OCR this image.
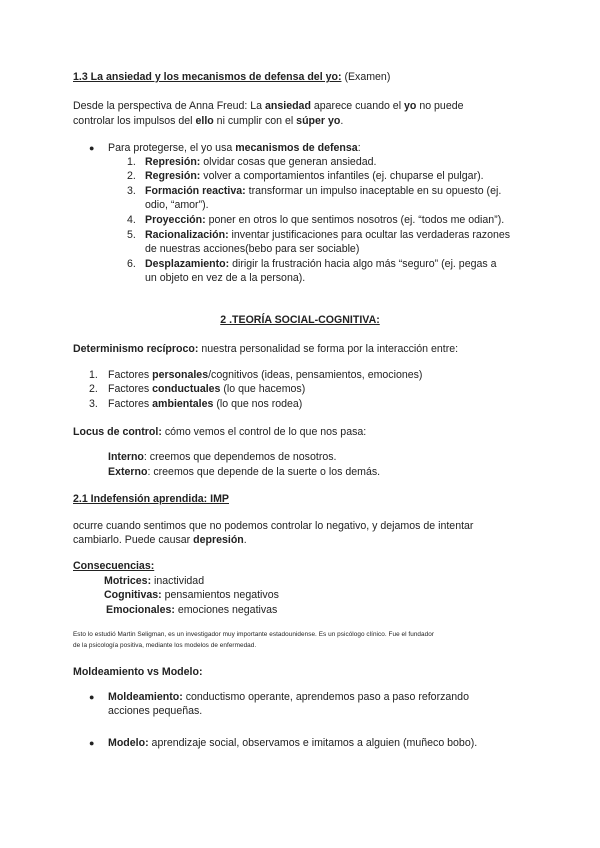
1.3 La ansiedad y los mecanismos de defensa del yo: (Examen)
Desde la perspectiva de Anna Freud: La ansiedad aparece cuando el yo no puede
controlar los impulsos del ello ni cumplir con el súper yo.
● Para protegerse, el yo usa mecanismos de defensa:
1. Represión: olvidar cosas que generan ansiedad.
2. Regresión: volver a comportamientos infantiles (ej. chuparse el pulgar).
3. Formación reactiva: transformar un impulso inaceptable en su opuesto (ej.
odio, “amor”).
4. Proyección: poner en otros lo que sentimos nosotros (ej. “todos me odian”).
5. Racionalización: inventar justificaciones para ocultar las verdaderas razones
de nuestras acciones(bebo para ser sociable)
6. Desplazamiento: dirigir la frustración hacia algo más “seguro” (ej. pegas a
un objeto en vez de a la persona).
2 .TEORÍA SOCIAL-COGNITIVA:
Determinismo recíproco: nuestra personalidad se forma por la interacción entre:
1. Factores personales/cognitivos (ideas, pensamientos, emociones)
2. Factores conductuales (lo que hacemos)
3. Factores ambientales (lo que nos rodea)
Locus de control: cómo vemos el control de lo que nos pasa:
Interno: creemos que dependemos de nosotros.
Externo: creemos que depende de la suerte o los demás.
2.1 Indefensión aprendida: IMP
ocurre cuando sentimos que no podemos controlar lo negativo, y dejamos de intentar
cambiarlo. Puede causar depresión.
Consecuencias:
Motrices: inactividad
Cognitivas: pensamientos negativos
Emocionales: emociones negativas
Esto lo estudió Martin Seligman, es un investigador muy importante estadounidense. Es un psicólogo clínico. Fue el fundador
de la psicología positiva, mediante los modelos de enfermedad.
Moldeamiento vs Modelo:
● Moldeamiento: conductismo operante, aprendemos paso a paso reforzando
acciones pequeñas.
● Modelo: aprendizaje social, observamos e imitamos a alguien (muñeco bobo).
